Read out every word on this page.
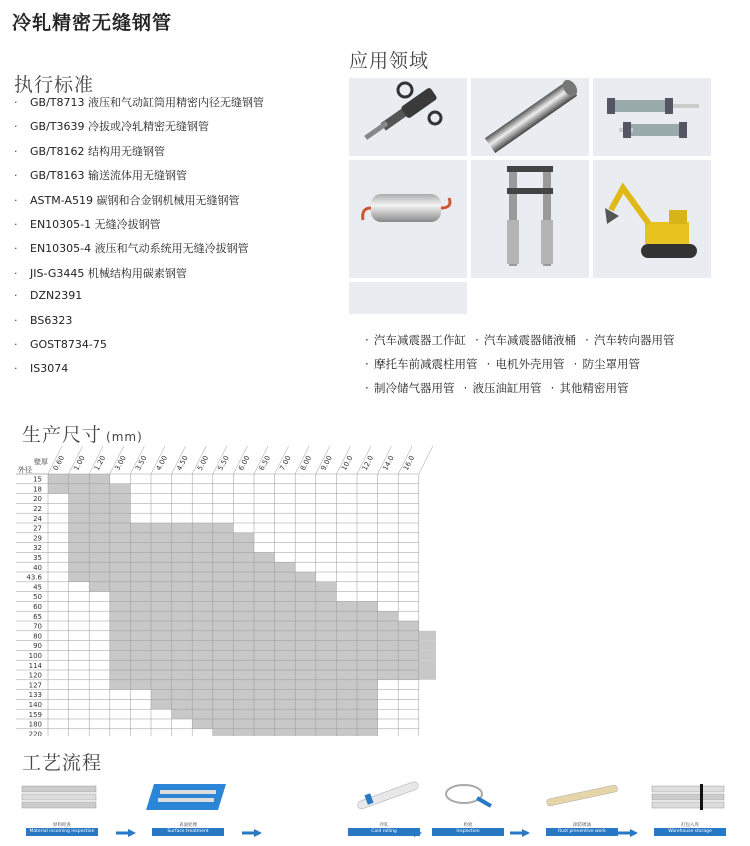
冷轧精密无缝钢管
执行标准
· GB/T8713 液压和气动缸筒用精密内径无缝钢管
· GB/T3639 冷拔或冷轧精密无缝钢管
· GB/T8162 结构用无缝钢管
· GB/T8163 输送流体用无缝钢管
· ASTM-A519 碳钢和合金钢机械用无缝钢管
· EN10305-1 无缝冷拔钢管
· EN10305-4 液压和气动系统用无缝冷拔钢管
· JIS-G3445 机械结构用碳素钢管
· DZN2391
· BS6323
· GOST8734-75
· IS3074
应用领域
· 汽车减震器工作缸 · 汽车减震器储液桶 · 汽车转向器用管
· 摩托车前减震柱用管 · 电机外壳用管 · 防尘罩用管
· 制冷储气器用管 · 液压油缸用管 · 其他精密用管
生产尺寸 (mm)
0.60 1.00 1.20 3.00 3.50 4.00 4.50 5.00 5.50 6.00 6.50 7.00 8.00 9.00 10.0 12.0 14.0 16.0
15
18
20
22
24
27
29
32
35
40
43.6
45
50
60
65
70
80
90
100
114
120
127
133
140
159
180
220
外径
壁厚
工艺流程
原料检查
Material incoming inspection
表面处理
Surface treatment
冷轧
Cold rolling
检验
Inspection
涂防锈油
Rust preventive work
打包入库
Warehouse storage
